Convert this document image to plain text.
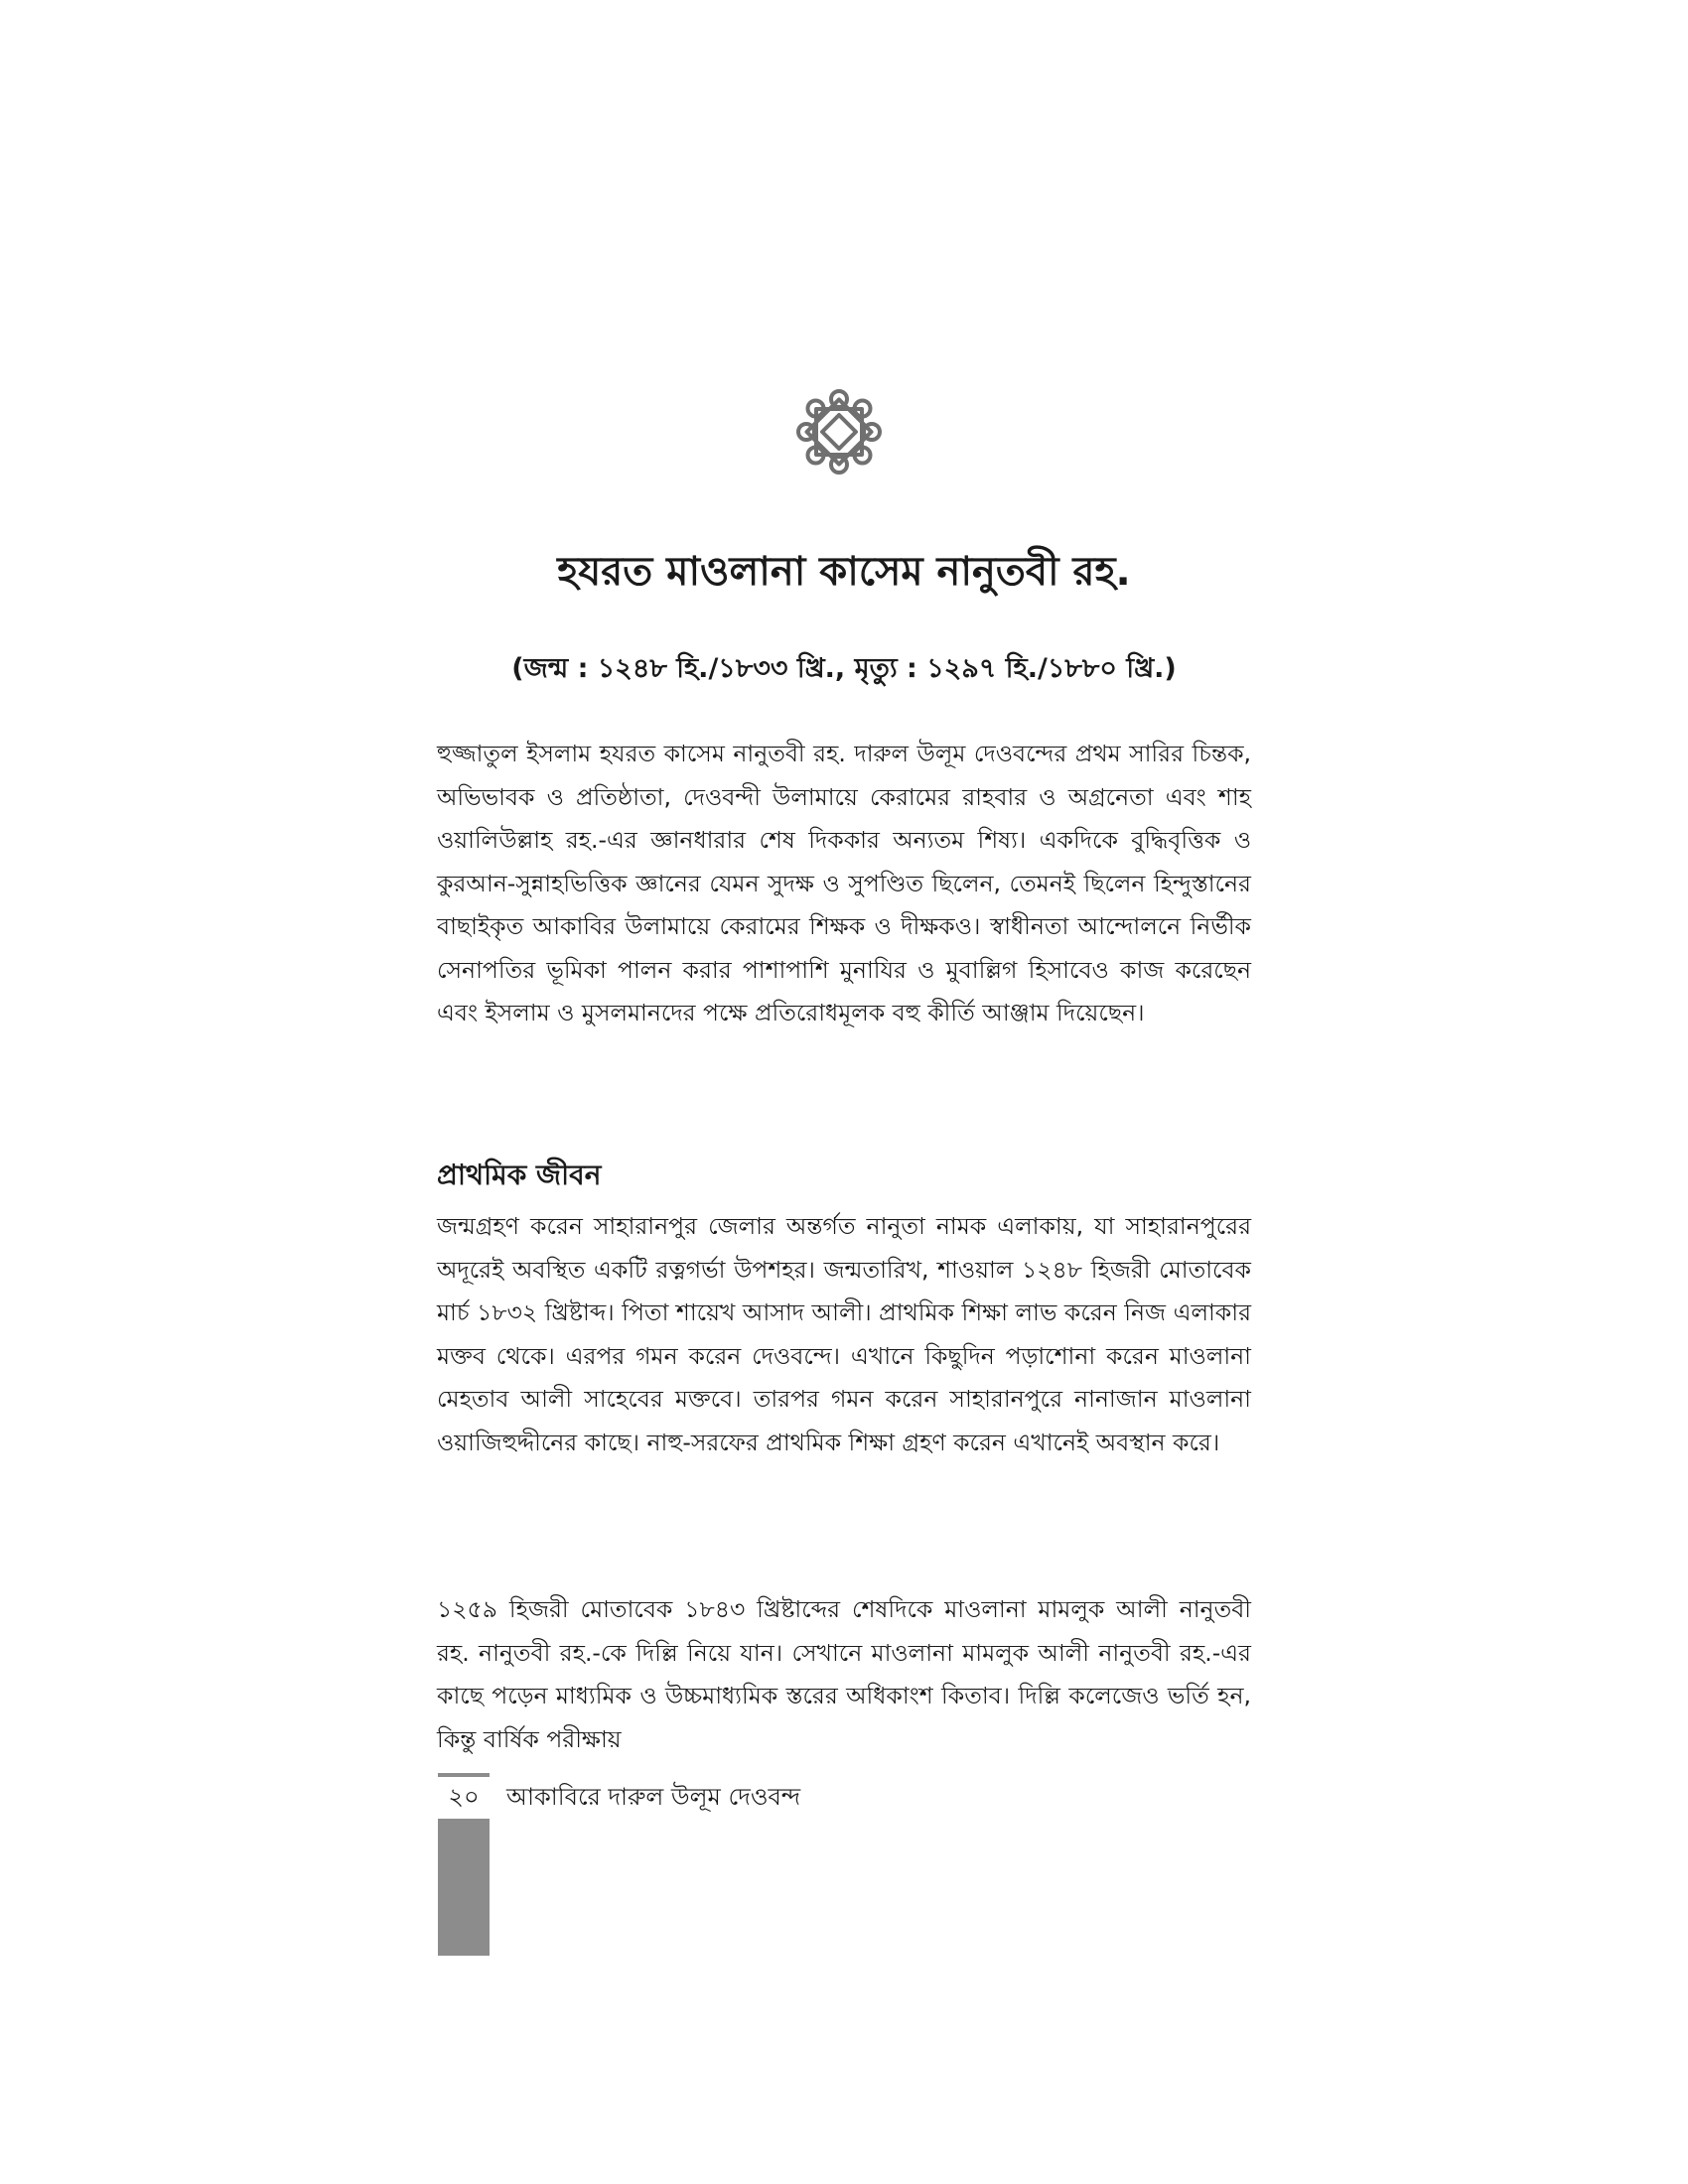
হযরত মাওলানা কাসেম নানুতবী রহ.

(জন্ম : ১২৪৮ হি./১৮৩৩ খ্রি., মৃত্যু : ১২৯৭ হি./১৮৮০ খ্রি.)

হুজ্জাতুল ইসলাম হযরত কাসেম নানুতবী রহ. দারুল উলূম দেওবন্দের প্রথম সারির চিন্তক, অভিভাবক ও প্রতিষ্ঠাতা, দেওবন্দী উলামায়ে কেরামের রাহবার ও অগ্রনেতা এবং শাহ ওয়ালিউল্লাহ রহ.-এর জ্ঞানধারার শেষ দিককার অন্যতম শিষ্য। একদিকে বুদ্ধিবৃত্তিক ও কুরআন-সুন্নাহভিত্তিক জ্ঞানের যেমন সুদক্ষ ও সুপণ্ডিত ছিলেন, তেমনই ছিলেন হিন্দুস্তানের বাছাইকৃত আকাবির উলামায়ে কেরামের শিক্ষক ও দীক্ষকও। স্বাধীনতা আন্দোলনে নির্ভীক সেনাপতির ভূমিকা পালন করার পাশাপাশি মুনাযির ও মুবাল্লিগ হিসাবেও কাজ করেছেন এবং ইসলাম ও মুসলমানদের পক্ষে প্রতিরোধমূলক বহু কীর্তি আঞ্জাম দিয়েছেন।

প্রাথমিক জীবন

জন্মগ্রহণ করেন সাহারানপুর জেলার অন্তর্গত নানুতা নামক এলাকায়, যা সাহারানপুরের অদূরেই অবস্থিত একটি রত্নগর্ভা উপশহর। জন্মতারিখ, শাওয়াল ১২৪৮ হিজরী মোতাবেক মার্চ ১৮৩২ খ্রিষ্টাব্দ। পিতা শায়েখ আসাদ আলী। প্রাথমিক শিক্ষা লাভ করেন নিজ এলাকার মক্তব থেকে। এরপর গমন করেন দেওবন্দে। এখানে কিছুদিন পড়াশোনা করেন মাওলানা মেহতাব আলী সাহেবের মক্তবে। তারপর গমন করেন সাহারানপুরে নানাজান মাওলানা ওয়াজিহুদ্দীনের কাছে। নাহু-সরফের প্রাথমিক শিক্ষা গ্রহণ করেন এখানেই অবস্থান করে।

১২৫৯ হিজরী মোতাবেক ১৮৪৩ খ্রিষ্টাব্দের শেষদিকে মাওলানা মামলুক আলী নানুতবী রহ. নানুতবী রহ.-কে দিল্লি নিয়ে যান। সেখানে মাওলানা মামলুক আলী নানুতবী রহ.-এর কাছে পড়েন মাধ্যমিক ও উচ্চমাধ্যমিক স্তরের অধিকাংশ কিতাব। দিল্লি কলেজেও ভর্তি হন, কিন্তু বার্ষিক পরীক্ষায়

২০	আকাবিরে দারুল উলূম দেওবন্দ
